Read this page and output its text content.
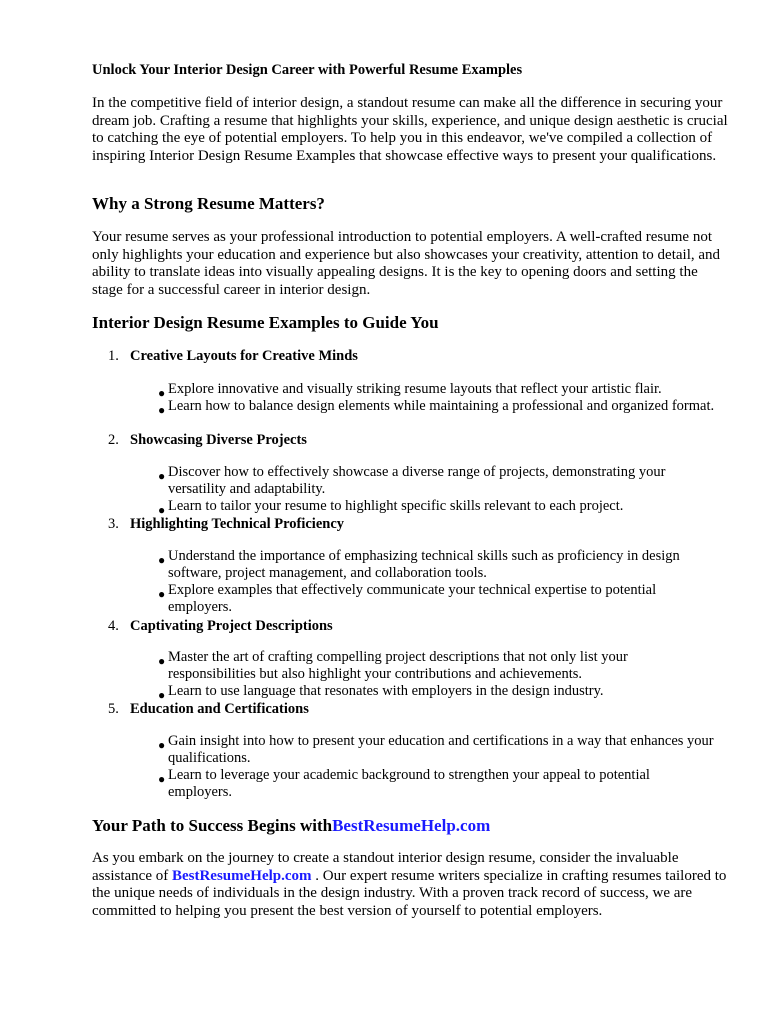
Unlock Your Interior Design Career with Powerful Resume Examples

In the competitive field of interior design, a standout resume can make all the difference in securing your dream job. Crafting a resume that highlights your skills, experience, and unique design aesthetic is crucial to catching the eye of potential employers. To help you in this endeavor, we've compiled a collection of inspiring Interior Design Resume Examples that showcase effective ways to present your qualifications.

Why a Strong Resume Matters?

Your resume serves as your professional introduction to potential employers. A well-crafted resume not only highlights your education and experience but also showcases your creativity, attention to detail, and ability to translate ideas into visually appealing designs. It is the key to opening doors and setting the stage for a successful career in interior design.

Interior Design Resume Examples to Guide You
1. Creative Layouts for Creative Minds
● Explore innovative and visually striking resume layouts that reflect your artistic flair.
● Learn how to balance design elements while maintaining a professional and organized format.
2. Showcasing Diverse Projects
● Discover how to effectively showcase a diverse range of projects, demonstrating your versatility and adaptability.
● Learn to tailor your resume to highlight specific skills relevant to each project.
3. Highlighting Technical Proficiency
● Understand the importance of emphasizing technical skills such as proficiency in design software, project management, and collaboration tools.
● Explore examples that effectively communicate your technical expertise to potential employers.
4. Captivating Project Descriptions
● Master the art of crafting compelling project descriptions that not only list your responsibilities but also highlight your contributions and achievements.
● Learn to use language that resonates with employers in the design industry.
5. Education and Certifications
● Gain insight into how to present your education and certifications in a way that enhances your qualifications.
● Learn to leverage your academic background to strengthen your appeal to potential employers.
Your Path to Success Begins withBestResumeHelp.com

As you embark on the journey to create a standout interior design resume, consider the invaluable assistance of BestResumeHelp.com . Our expert resume writers specialize in crafting resumes tailored to the unique needs of individuals in the design industry. With a proven track record of success, we are committed to helping you present the best version of yourself to potential employers.
